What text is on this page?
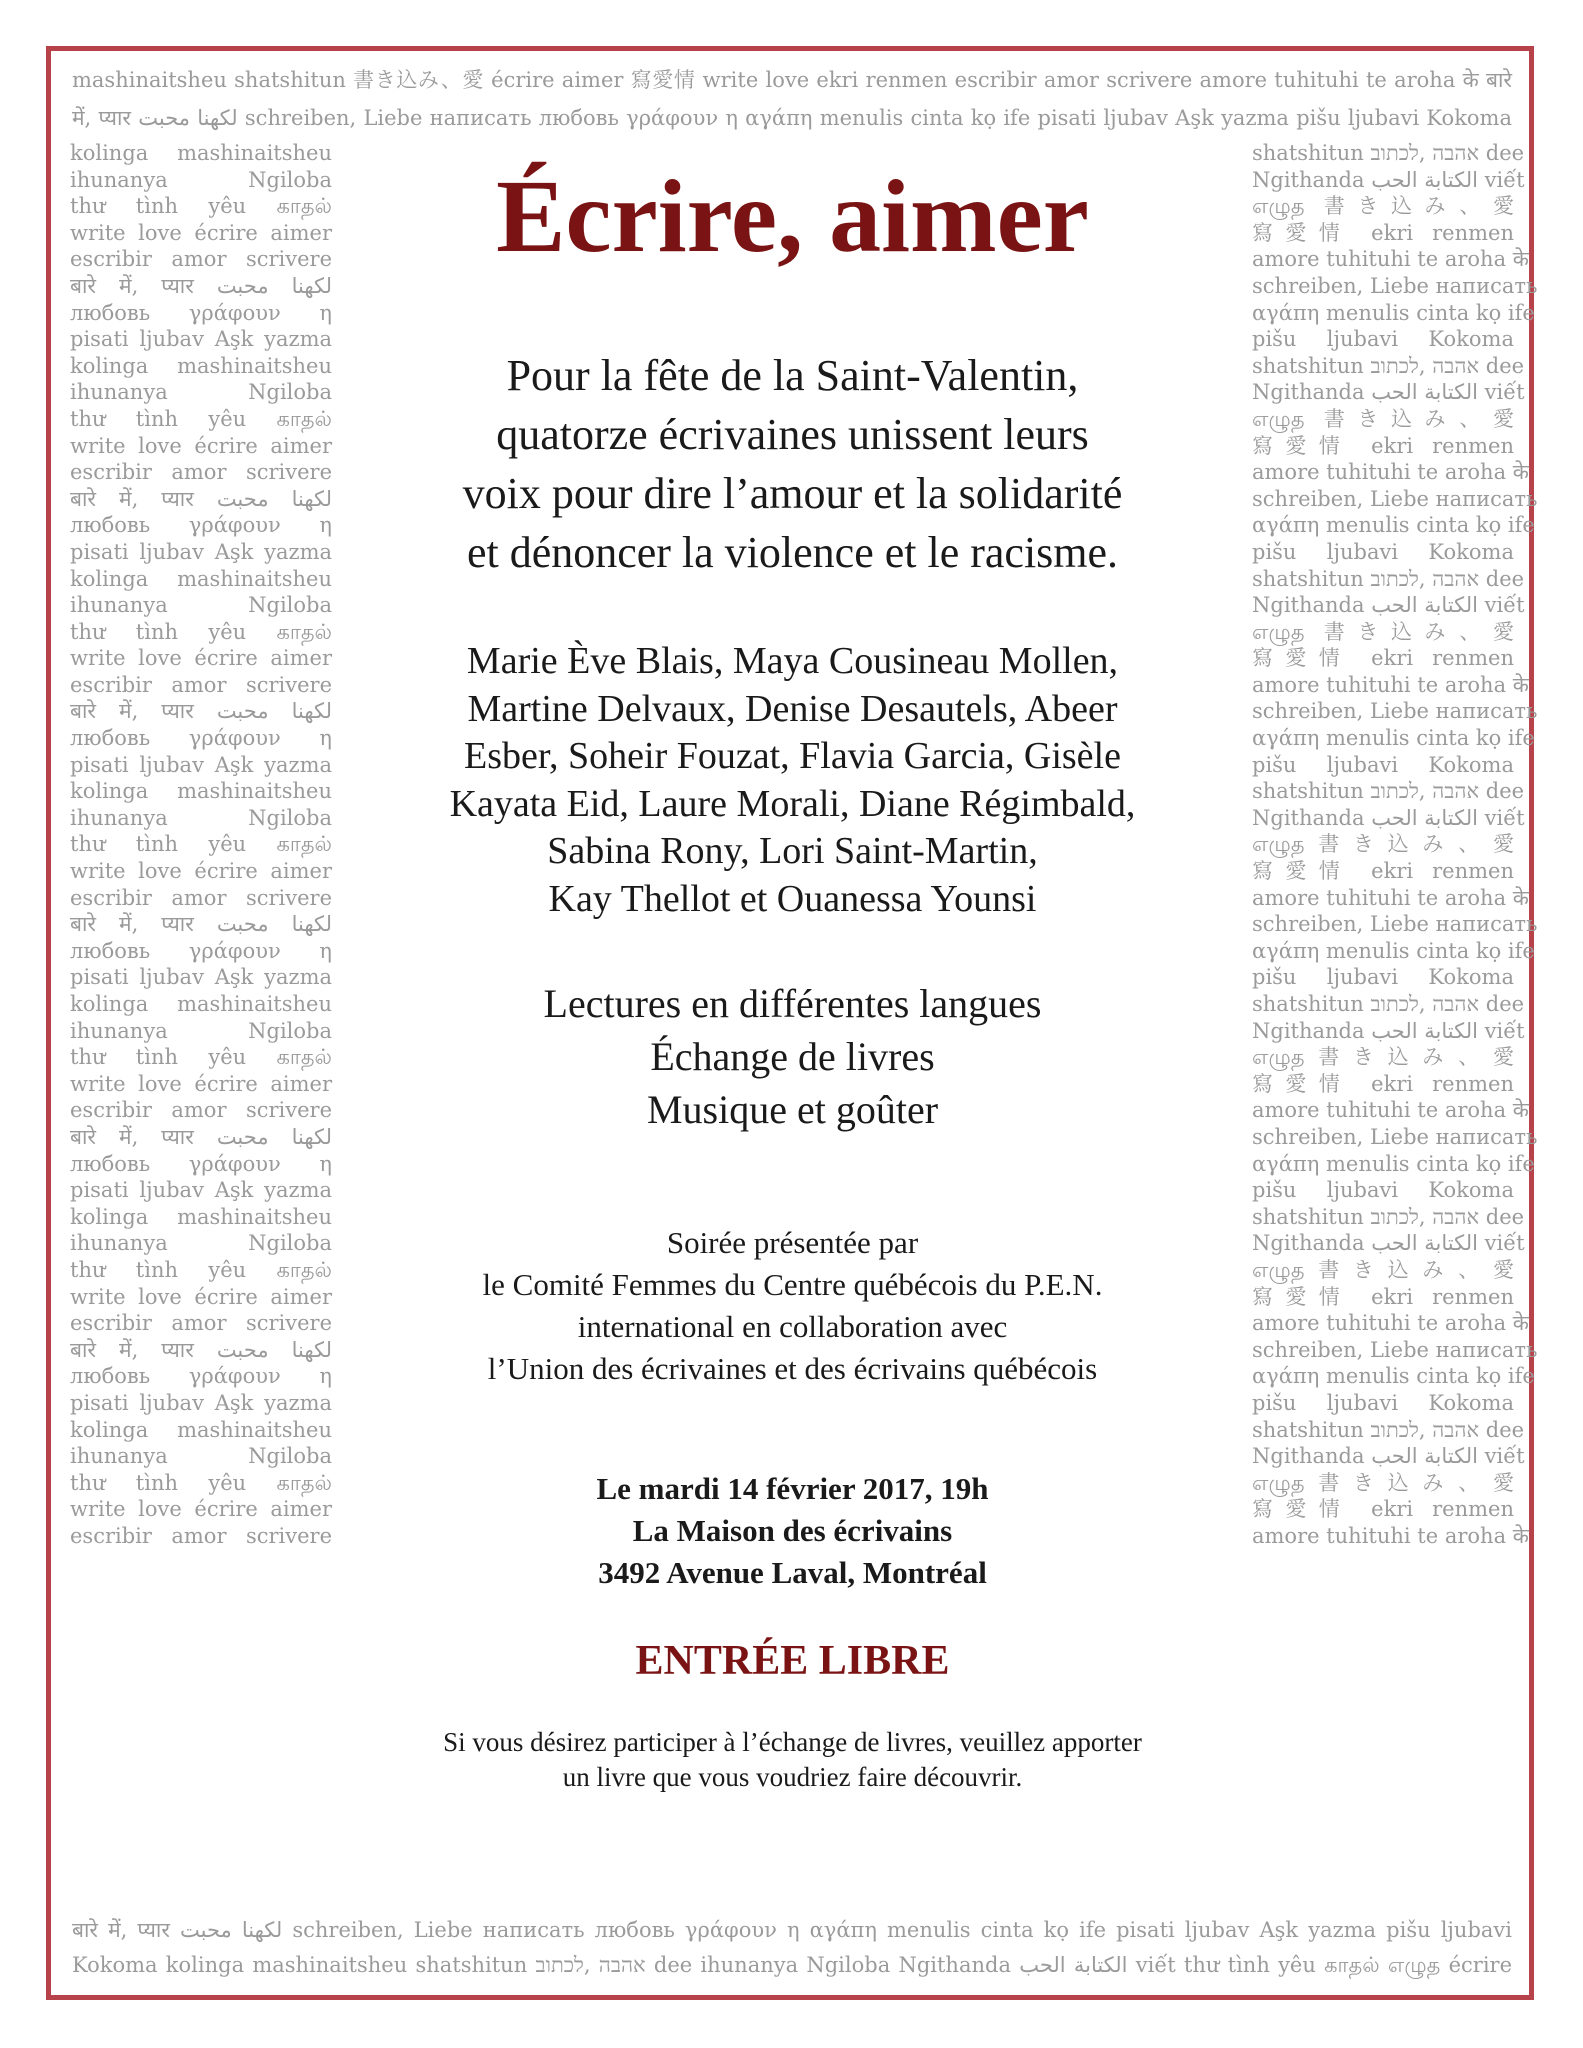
mashinaitsheu shatshitun 書き込み、愛 écrire aimer 寫愛情 write love ekri renmen escribir amor scrivere amore tuhituhi te aroha के बारे
में, प्यार لكهنا محبت schreiben, Liebe написать любовь γράφουν η αγάπη menulis cinta kọ ife pisati ljubav Aşk yazma pišu ljubavi Kokoma
kolinga mashinaitsheu
ihunanya Ngiloba
thư tình yêu காதல்
write love écrire aimer
escribir amor scrivere
बारे में, प्यार لكهنا محبت
любовь γράφουν η
pisati ljubav Aşk yazma
kolinga mashinaitsheu
ihunanya Ngiloba
thư tình yêu காதல்
write love écrire aimer
escribir amor scrivere
बारे में, प्यार لكهنا محبت
любовь γράφουν η
pisati ljubav Aşk yazma
kolinga mashinaitsheu
ihunanya Ngiloba
thư tình yêu காதல்
write love écrire aimer
escribir amor scrivere
बारे में, प्यार لكهنا محبت
любовь γράφουν η
pisati ljubav Aşk yazma
kolinga mashinaitsheu
ihunanya Ngiloba
thư tình yêu காதல்
write love écrire aimer
escribir amor scrivere
बारे में, प्यार لكهنا محبت
любовь γράφουν η
pisati ljubav Aşk yazma
kolinga mashinaitsheu
ihunanya Ngiloba
thư tình yêu காதல்
write love écrire aimer
escribir amor scrivere
बारे में, प्यार لكهنا محبت
любовь γράφουν η
pisati ljubav Aşk yazma
kolinga mashinaitsheu
ihunanya Ngiloba
thư tình yêu காதல்
write love écrire aimer
escribir amor scrivere
बारे में, प्यार لكهنا محبت
любовь γράφουν η
pisati ljubav Aşk yazma
kolinga mashinaitsheu
ihunanya Ngiloba
thư tình yêu காதல்
write love écrire aimer
escribir amor scrivere
shatshitun אהבה ,לכתוב dee
Ngithanda الكتابة الحب viết
எழுத 書き込み、愛
寫愛情 ekri renmen
amore tuhituhi te aroha के
schreiben, Liebe написать
αγάπη menulis cinta kọ ife
pišu ljubavi Kokoma
shatshitun אהבה ,לכתוב dee
Ngithanda الكتابة الحب viết
எழுத 書き込み、愛
寫愛情 ekri renmen
amore tuhituhi te aroha के
schreiben, Liebe написать
αγάπη menulis cinta kọ ife
pišu ljubavi Kokoma
shatshitun אהבה ,לכתוב dee
Ngithanda الكتابة الحب viết
எழுத 書き込み、愛
寫愛情 ekri renmen
amore tuhituhi te aroha के
schreiben, Liebe написать
αγάπη menulis cinta kọ ife
pišu ljubavi Kokoma
shatshitun אהבה ,לכתוב dee
Ngithanda الكتابة الحب viết
எழுத書き込み、愛
寫愛情 ekri renmen
amore tuhituhi te aroha के
schreiben, Liebe написать
αγάπη menulis cinta kọ ife
pišu ljubavi Kokoma
shatshitun אהבה ,לכתוב dee
Ngithanda الكتابة الحب viết
எழுத書き込み、愛
寫愛情 ekri renmen
amore tuhituhi te aroha के
schreiben, Liebe написать
αγάπη menulis cinta kọ ife
pišu ljubavi Kokoma
shatshitun אהבה ,לכתוב dee
Ngithanda الكتابة الحب viết
எழுத書き込み、愛
寫愛情 ekri renmen
amore tuhituhi te aroha के
schreiben, Liebe написать
αγάπη menulis cinta kọ ife
pišu ljubavi Kokoma
shatshitun אהבה ,לכתוב dee
Ngithanda الكتابة الحب viết
எழுத書き込み、愛
寫愛情 ekri renmen
amore tuhituhi te aroha के
बारे में, प्यार لكهنا محبت schreiben, Liebe написать любовь γράφουν η αγάπη menulis cinta kọ ife pisati ljubav Aşk yazma pišu ljubavi
Kokoma kolinga mashinaitsheu shatshitun אהבה ,לכתוב dee ihunanya Ngiloba Ngithanda الكتابة الحب viết thư tình yêu காதல் எழுத écrire
Écrire, aimer
Pour la fête de la Saint-Valentin,
quatorze écrivaines unissent leurs
voix pour dire l’amour et la solidarité
et dénoncer la violence et le racisme.
Marie Ève Blais, Maya Cousineau Mollen,
Martine Delvaux, Denise Desautels, Abeer
Esber, Soheir Fouzat, Flavia Garcia, Gisèle
Kayata Eid, Laure Morali, Diane Régimbald,
Sabina Rony, Lori Saint-Martin,
Kay Thellot et Ouanessa Younsi
Lectures en différentes langues
Échange de livres
Musique et goûter
Soirée présentée par
le Comité Femmes du Centre québécois du P.E.N.
international en collaboration avec
l’Union des écrivaines et des écrivains québécois
Le mardi 14 février 2017, 19h
La Maison des écrivains
3492 Avenue Laval, Montréal
ENTRÉE LIBRE
Si vous désirez participer à l’échange de livres, veuillez apporter
un livre que vous voudriez faire découvrir.
